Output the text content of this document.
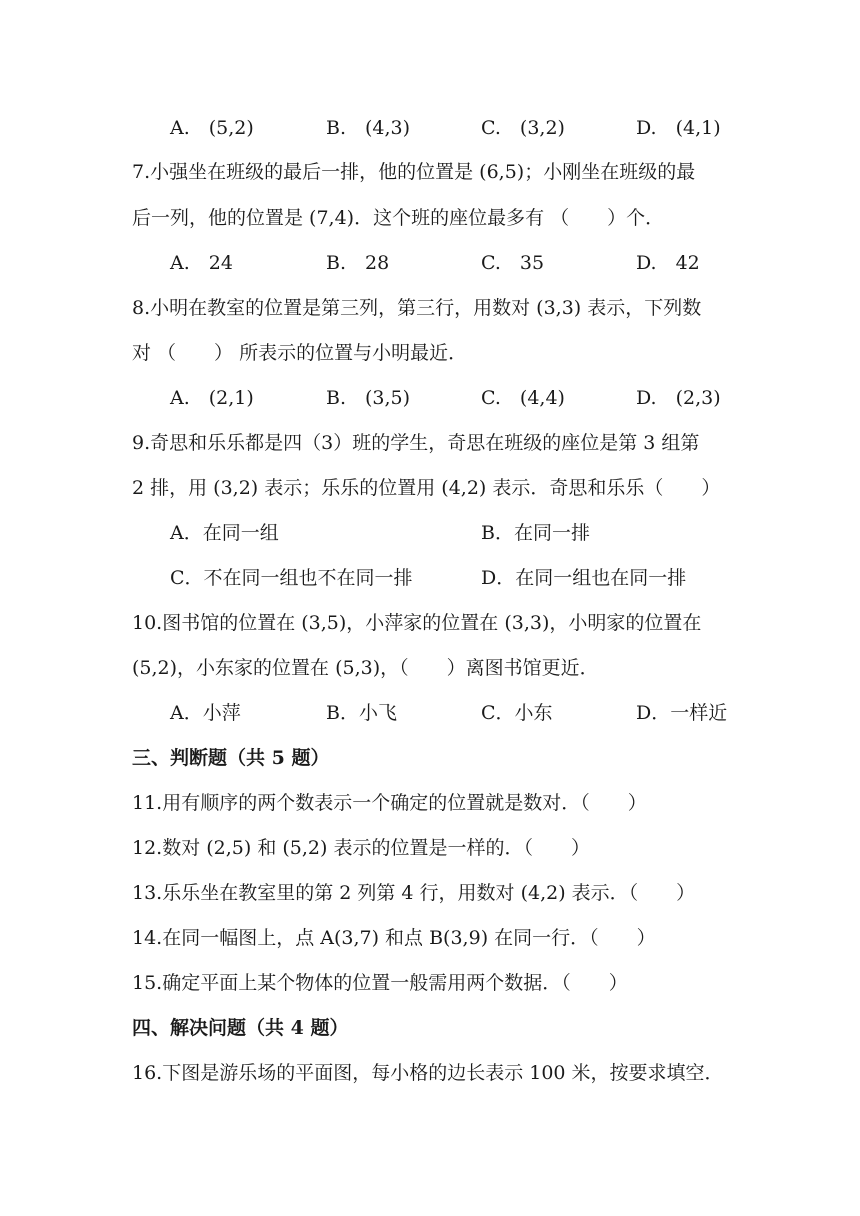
A.　(5,2)	B.　(4,3)	C.　(3,2)	D.　(4,1)
7.小强坐在班级的最后一排，他的位置是 (6,5)；小刚坐在班级的最
后一列，他的位置是 (7,4)．这个班的座位最多有 （　　）个．
A.　24	B.　28	C.　35	D.　42
8.小明在教室的位置是第三列，第三行，用数对 (3,3) 表示，下列数
对 （　　） 所表示的位置与小明最近．
A.　(2,1)	B.　(3,5)	C.　(4,4)	D.　(2,3)
9.奇思和乐乐都是四（3）班的学生，奇思在班级的座位是第 3 组第
2 排，用 (3,2) 表示；乐乐的位置用 (4,2) 表示．奇思和乐乐（　　）
A．在同一组	B．在同一排
C．不在同一组也不在同一排	D．在同一组也在同一排
10.图书馆的位置在 (3,5)，小萍家的位置在 (3,3)，小明家的位置在
(5,2)，小东家的位置在 (5,3)，（　　）离图书馆更近．
A．小萍	B．小飞	C．小东	D．一样近
三、判断题（共 5 题）
11.用有顺序的两个数表示一个确定的位置就是数对．（　　）
12.数对 (2,5) 和 (5,2) 表示的位置是一样的．（　　）
13.乐乐坐在教室里的第 2 列第 4 行，用数对 (4,2) 表示．（　　）
14.在同一幅图上，点 A(3,7) 和点 B(3,9) 在同一行．（　　）
15.确定平面上某个物体的位置一般需用两个数据．（　　）
四、解决问题（共 4 题）
16.下图是游乐场的平面图，每小格的边长表示 100 米，按要求填空．
